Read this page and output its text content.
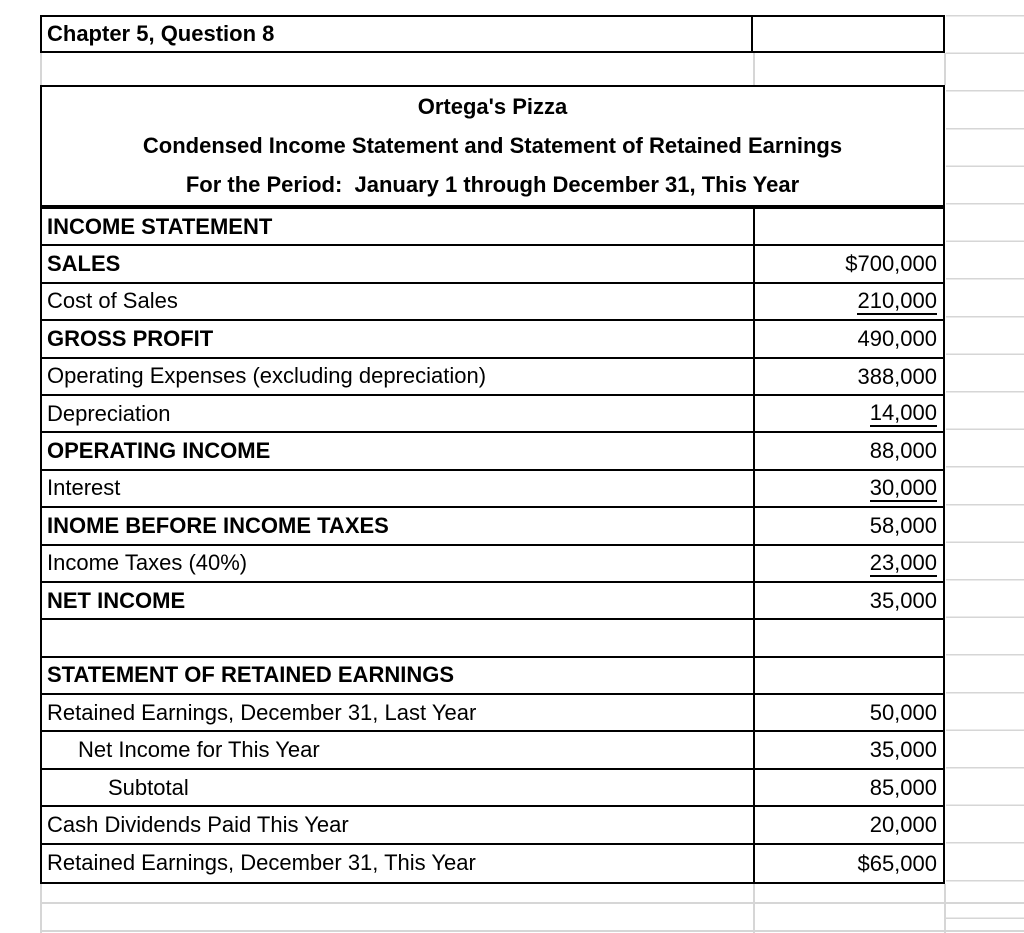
Chapter 5, Question 8
Ortega's Pizza
Condensed Income Statement and Statement of Retained Earnings
For the Period:  January 1 through December 31, This Year
INCOME STATEMENT
SALES	$700,000
Cost of Sales	210,000
GROSS PROFIT	490,000
Operating Expenses (excluding depreciation)	388,000
Depreciation	14,000
OPERATING INCOME	88,000
Interest	30,000
INOME BEFORE INCOME TAXES	58,000
Income Taxes (40%)	23,000
NET INCOME	35,000
STATEMENT OF RETAINED EARNINGS
Retained Earnings, December 31, Last Year	50,000
Net Income for This Year	35,000
Subtotal	85,000
Cash Dividends Paid This Year	20,000
Retained Earnings, December 31, This Year	$65,000
